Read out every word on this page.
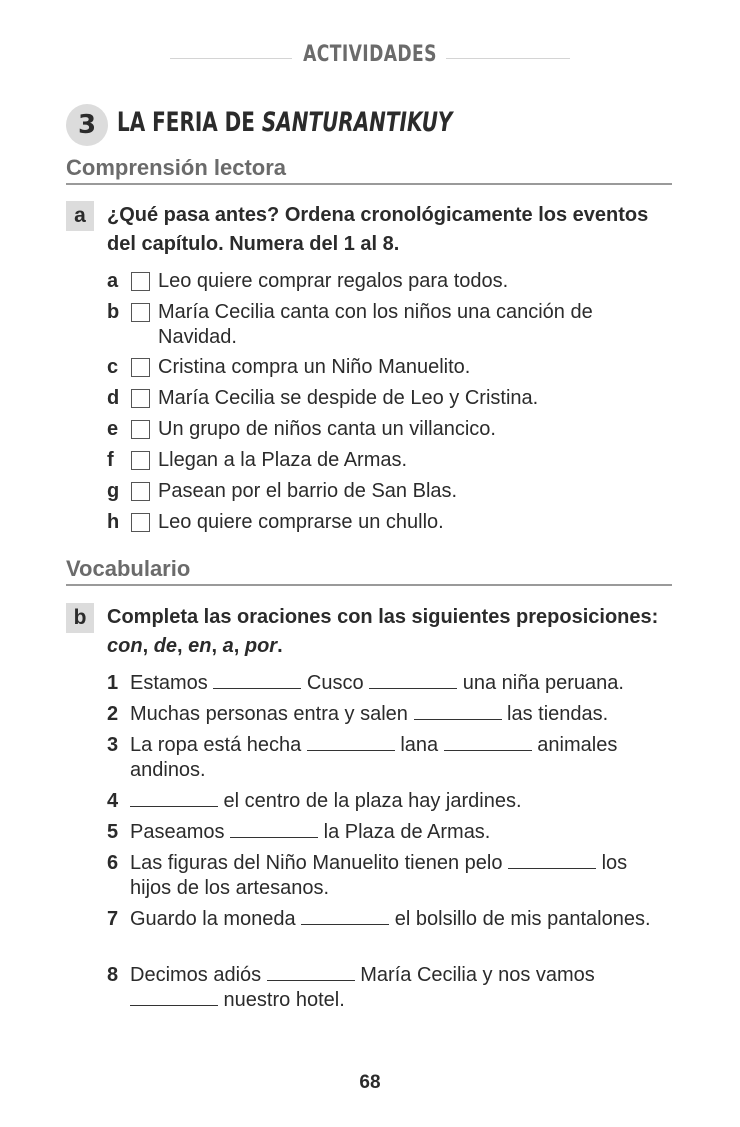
ACTIVIDADES
3 LA FERIA DE SANTURANTIKUY
Comprensión lectora
a	¿Qué pasa antes? Ordena cronológicamente los eventos del capítulo. Numera del 1 al 8.
a	Leo quiere comprar regalos para todos.
b María Cecilia canta con los niños una canción de Navidad.
c	Cristina compra un Niño Manuelito.
d María Cecilia se despide de Leo y Cristina.
e	Un grupo de niños canta un villancico.
f	Llegan a la Plaza de Armas.
g Pasean por el barrio de San Blas.
h Leo quiere comprarse un chullo.
Vocabulario
b	Completa las oraciones con las siguientes preposiciones: con, de, en, a, por.
1 Estamos	Cusco	una niña peruana.
2 Muchas personas entra y salen	las tiendas.
3 La ropa está hecha	lana	animales andinos.
4	el centro de la plaza hay jardines.
5 Paseamos	la Plaza de Armas.
6 Las figuras del Niño Manuelito tienen pelo	los hijos de los artesanos.
7 Guardo la moneda	el bolsillo de mis pantalones.
8 Decimos adiós	María Cecilia y nos vamos  nuestro hotel.
68
